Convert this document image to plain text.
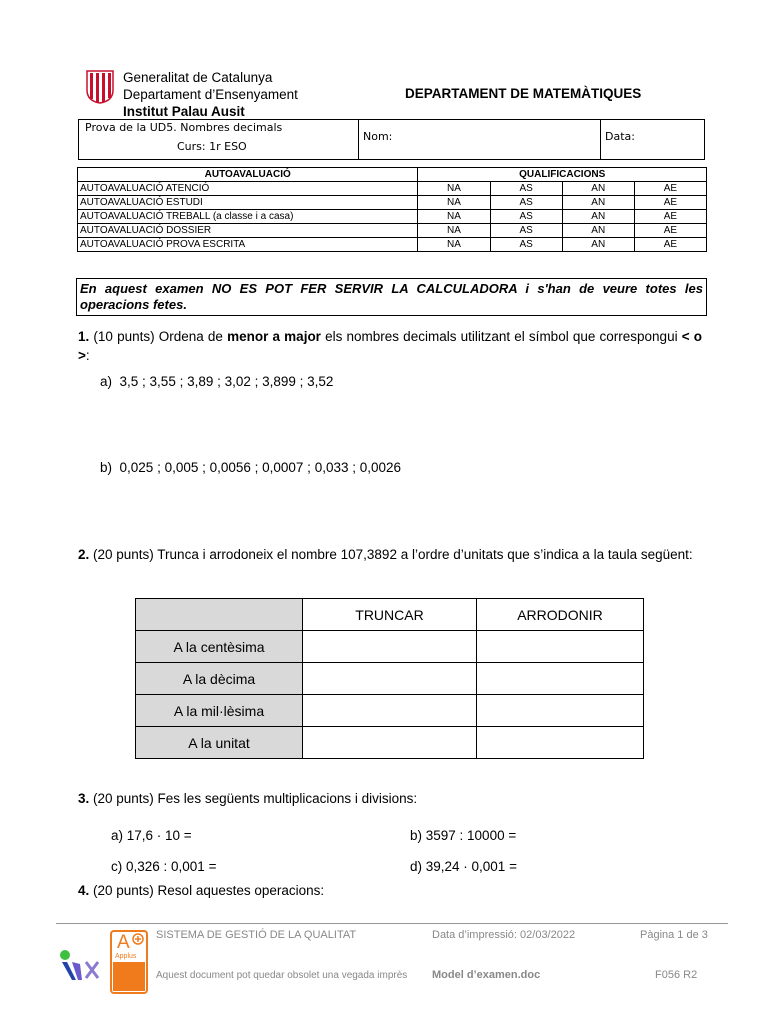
Generalitat de Catalunya
Departament d’Ensenyament
Institut Palau Ausit
DEPARTAMENT DE MATEMÀTIQUES
Prova de la UD5. Nombres decimals
Curs: 1r ESO
Nom:	Data:
AUTOAVALUACIÓ	QUALIFICACIONS			
AUTOAVALUACIÓ ATENCIÓ	NA	AS	AN	AE
AUTOAVALUACIÓ ESTUDI	NA	AS	AN	AE
AUTOAVALUACIÓ TREBALL (a classe i a casa)	NA	AS	AN	AE
AUTOAVALUACIÓ DOSSIER	NA	AS	AN	AE
AUTOAVALUACIÓ PROVA ESCRITA	NA	AS	AN	AE
En aquest examen NO ES POT FER SERVIR LA CALCULADORA i s'han de veure totes les operacions fetes.
1. (10 punts) Ordena de menor a major els nombres decimals utilitzant el símbol que correspongui < o >:
a) 3,5 ; 3,55 ; 3,89 ; 3,02 ; 3,899 ; 3,52
b) 0,025 ; 0,005 ; 0,0056 ; 0,0007 ; 0,033 ; 0,0026
2. (20 punts) Trunca i arrodoneix el nombre 107,3892 a l’ordre d’unitats que s’indica a la taula següent:
	TRUNCAR	ARRODONIR
A la centèsima		
A la dècima		
A la mil·lèsima		
A la unitat		
3. (20 punts) Fes les següents multiplicacions i divisions:
a) 17,6 · 10 =	b) 3597 : 10000 =
c) 0,326 : 0,001 =	d) 39,24 · 0,001 =
4. (20 punts) Resol aquestes operacions:
A
Applus
SISTEMA DE GESTIÓ DE LA QUALITAT	Data d’impressió: 02/03/2022	Pàgina 1 de 3
Aquest document pot quedar obsolet una vegada imprès Model d’examen.doc	F056 R2
